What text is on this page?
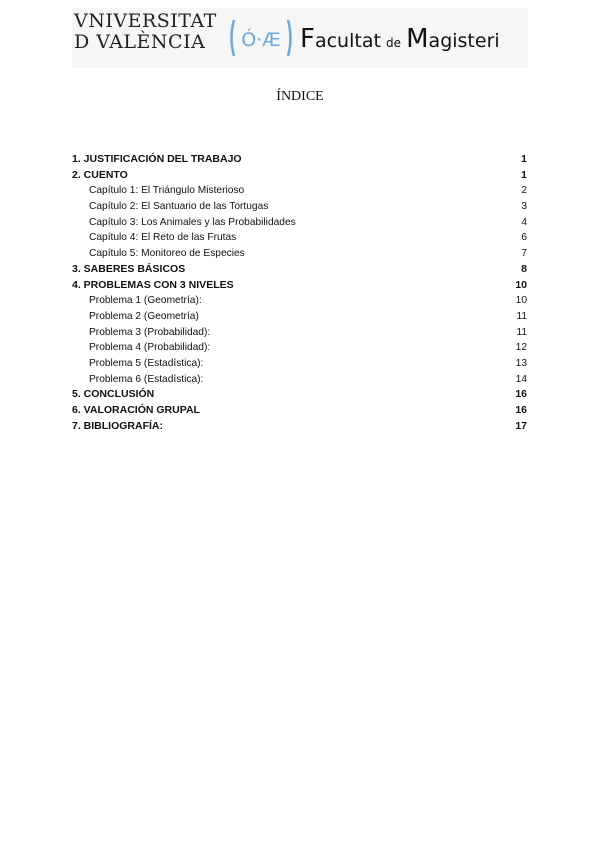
VNIVERSITAT
D VALÈNCIA	Ó·Æ Facultat de Magisteri
ÍNDICE
1. JUSTIFICACIÓN DEL TRABAJO	1
2. CUENTO	1
Capítulo 1: El Triángulo Misterioso	2
Capítulo 2: El Santuario de las Tortugas	3
Capítulo 3: Los Animales y las Probabilidades	4
Capítulo 4: El Reto de las Frutas	6
Capítulo 5: Monitoreo de Especies	7
3. SABERES BÁSICOS	8
4. PROBLEMAS CON 3 NIVELES	10
Problema 1 (Geometría):	10
Problema 2 (Geometría)	11
Problema 3 (Probabilidad):	11
Problema 4 (Probabilidad):	12
Problema 5 (Estadística):	13
Problema 6 (Estadística):	14
5. CONCLUSIÓN	16
6. VALORACIÓN GRUPAL	16
7. BIBLIOGRAFÍA:	17
